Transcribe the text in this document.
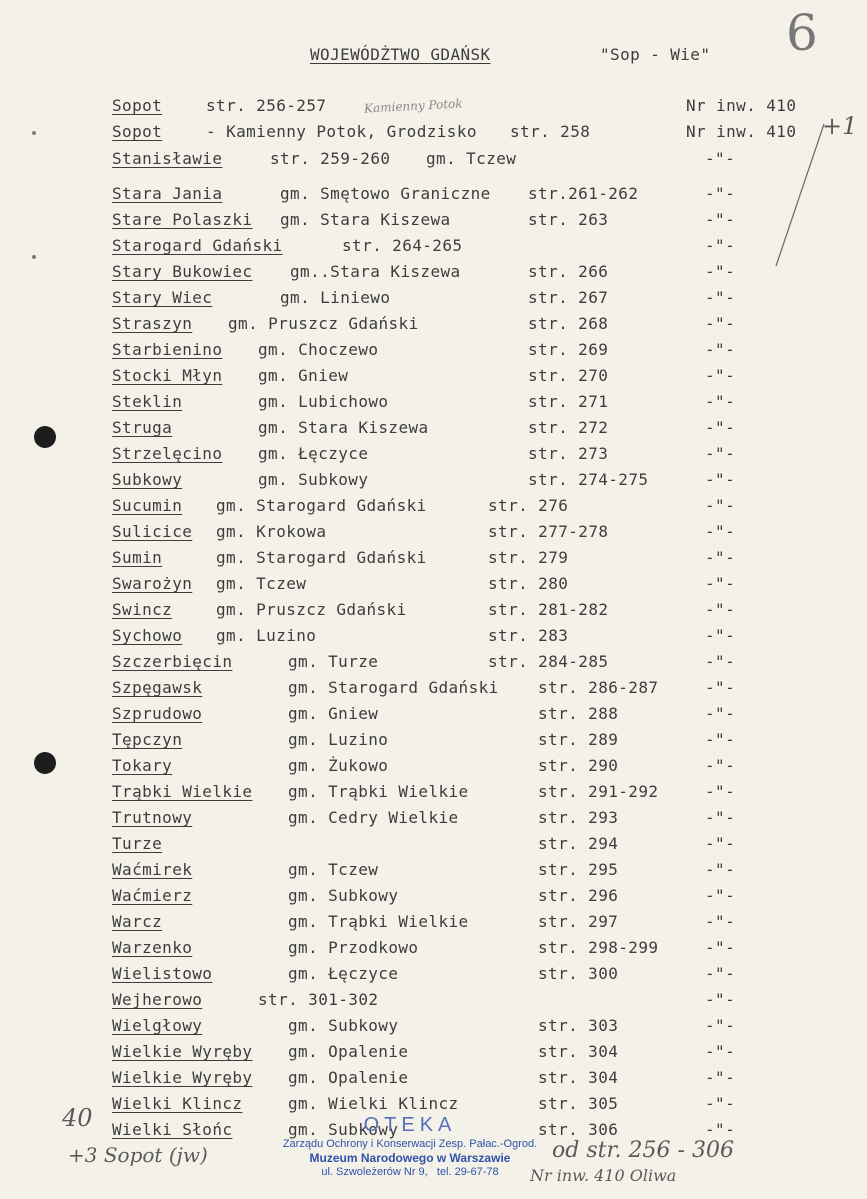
WOJEWÓDŻTWO GDAŃSK	"Sop - Wie" 6
Kamienny Potok
+1
Sopot	str. 256-257	Nr inw. 410
Sopot	- Kamienny Potok, Grodzisko str. 258	Nr inw. 410
Stanisławie	str. 259-260 gm. Tczew	-"-
Stara Jania	gm. Smętowo Graniczne str.261-262	-"-
Stare Polaszki gm. Stara Kiszewa	str. 263	-"-
Starogard Gdański	str. 264-265	-"-
Stary Bukowiec gm..Stara Kiszewa	str. 266	-"-
Stary Wiec	gm. Liniewo	str. 267	-"-
Straszyn gm. Pruszcz Gdański	str. 268	-"-
Starbienino gm. Choczewo	str. 269	-"-
Stocki Młyn gm. Gniew	str. 270	-"-
Steklin	gm. Lubichowo	str. 271	-"-
Struga	gm. Stara Kiszewa	str. 272	-"-
Strzelęcino gm. Łęczyce	str. 273	-"-
Subkowy	gm. Subkowy	str. 274-275	-"-
Sucumin gm. Starogard Gdański	str. 276	-"-
Sulicice gm. Krokowa	str. 277-278	-"-
Sumin	gm. Starogard Gdański	str. 279	-"-
Swarożyn gm. Tczew	str. 280	-"-
Swincz	gm. Pruszcz Gdański	str. 281-282	-"-
Sychowo gm. Luzino	str. 283	-"-
Szczerbięcin	gm. Turze	str. 284-285	-"-
Szpęgawsk	gm. Starogard Gdański str. 286-287	-"-
Szprudowo	gm. Gniew	str. 288	-"-
Tępczyn	gm. Luzino	str. 289	-"-
Tokary	gm. Żukowo	str. 290	-"-
Trąbki Wielkie gm. Trąbki Wielkie	str. 291-292	-"-
Trutnowy	gm. Cedry Wielkie	str. 293	-"-
Turze	str. 294	-"-
Waćmirek	gm. Tczew	str. 295	-"-
Waćmierz	gm. Subkowy	str. 296	-"-
Warcz	gm. Trąbki Wielkie	str. 297	-"-
Warzenko	gm. Przodkowo	str. 298-299	-"-
Wielistowo	gm. Łęczyce	str. 300	-"-
Wejherowo	str. 301-302	-"-
Wielgłowy	gm. Subkowy	str. 303	-"-
Wielkie Wyręby gm. Opalenie	str. 304	-"-
Wielkie Wyręby gm. Opalenie	str. 304	-"-
Wielki Klincz	gm. Wielki Klincz	str. 305	-"-
Wielki Słońc	gm. Subkowy	str. 306	-"-
40
+3 Sopot (jw)	od str. 256 - 306
Nr inw. 410 Oliwa
OTEKA
Zarządu Ochrony i Konserwacji Zesp. Pałac.-Ogrod.
Muzeum Narodowego w Warszawie
ul. Szwoleżerów Nr 9,   tel. 29-67-78
